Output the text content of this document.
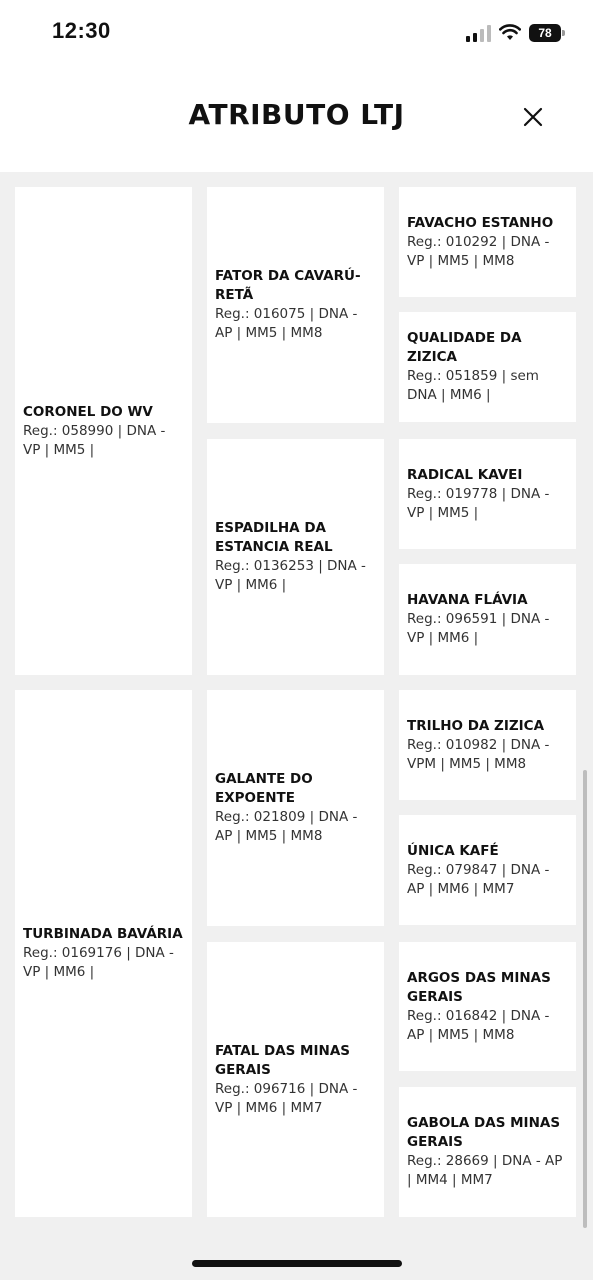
12:30	78
ATRIBUTO LTJ
CORONEL DO WV
Reg.: 058990 | DNA - VP | MM5 |
TURBINADA BAVÁRIA
Reg.: 0169176 | DNA - VP | MM6 |
FATOR DA CAVARÚ-RETÃ
Reg.: 016075 | DNA - AP | MM5 | MM8
ESPADILHA DA ESTANCIA REAL
Reg.: 0136253 | DNA - VP | MM6 |
GALANTE DO EXPOENTE
Reg.: 021809 | DNA - AP | MM5 | MM8
FATAL DAS MINAS GERAIS
Reg.: 096716 | DNA - VP | MM6 | MM7
FAVACHO ESTANHO
Reg.: 010292 | DNA - VP | MM5 | MM8
QUALIDADE DA ZIZICA
Reg.: 051859 | sem DNA | MM6 |
RADICAL KAVEI
Reg.: 019778 | DNA - VP | MM5 |
HAVANA FLÁVIA
Reg.: 096591 | DNA - VP | MM6 |
TRILHO DA ZIZICA
Reg.: 010982 | DNA - VPM | MM5 | MM8
ÚNICA KAFÉ
Reg.: 079847 | DNA - AP | MM6 | MM7
ARGOS DAS MINAS GERAIS
Reg.: 016842 | DNA - AP | MM5 | MM8
GABOLA DAS MINAS GERAIS
Reg.: 28669 | DNA - AP | MM4 | MM7
